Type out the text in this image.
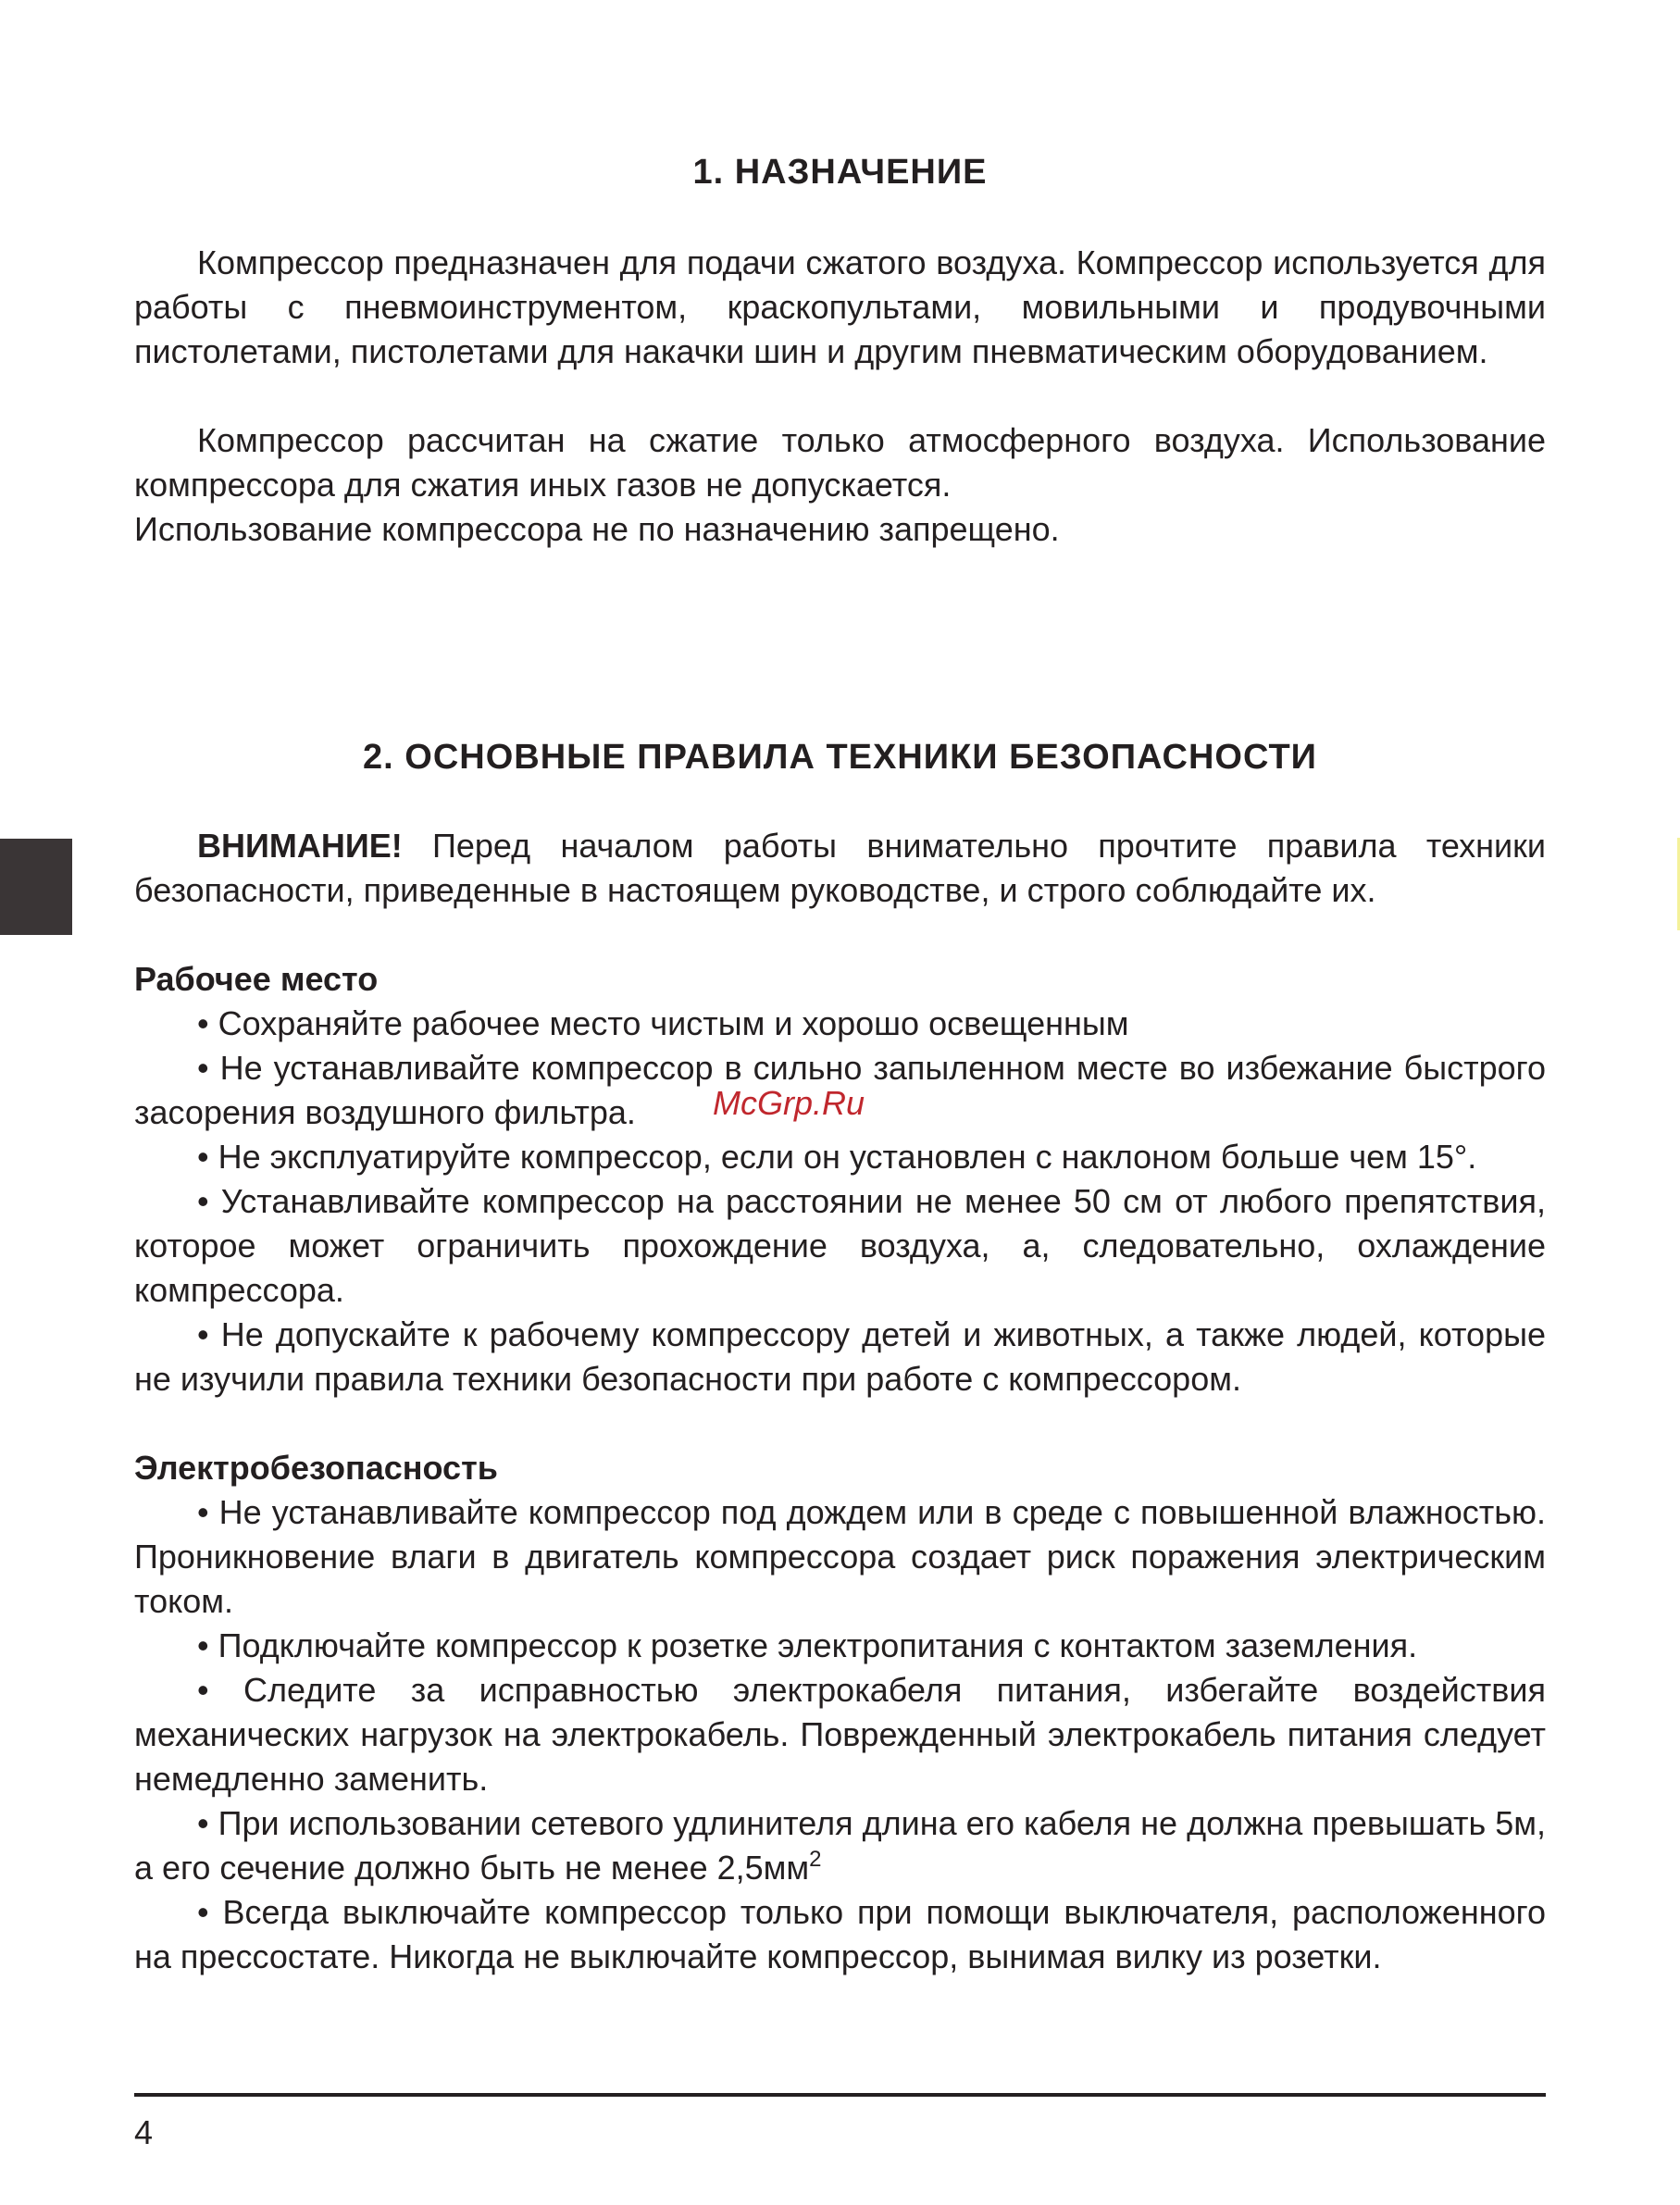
1. НАЗНАЧЕНИЕ

Компрессор предназначен для подачи сжатого воздуха. Компрессор используется для работы с пневмоинструментом, краскопультами, мовильными и продувочными пистолетами, пистолетами для накачки шин и другим пневматическим оборудованием.

Компрессор рассчитан на сжатие только атмосферного воздуха. Использование компрессора для сжатия иных газов не допускается.

Использование компрессора не по назначению запрещено.

2. ОСНОВНЫЕ ПРАВИЛА ТЕХНИКИ БЕЗОПАСНОСТИ

ВНИМАНИЕ! Перед началом работы внимательно прочтите правила техники безопасности, приведенные в настоящем руководстве, и строго соблюдайте их.

Рабочее место

• Сохраняйте рабочее место чистым и хорошо освещенным

• Не устанавливайте компрессор в сильно запыленном месте во избежание быстрого засорения воздушного фильтра.

• Не эксплуатируйте компрессор, если он установлен с наклоном больше чем 15°.

• Устанавливайте компрессор на расстоянии не менее 50 см от любого препятствия, которое может ограничить прохождение воздуха, а, следовательно, охлаждение компрессора.

• Не допускайте к рабочему компрессору детей и животных, а также людей, которые не изучили правила техники безопасности при работе с компрессором.

Электробезопасность

• Не устанавливайте компрессор под дождем или в среде с повышенной влажностью. Проникновение влаги в двигатель компрессора создает риск поражения электрическим током.

• Подключайте компрессор к розетке электропитания с контактом заземления.

• Следите за исправностью электрокабеля питания, избегайте воздействия механических нагрузок на электрокабель. Поврежденный электрокабель питания следует немедленно заменить.

• При использовании сетевого удлинителя длина его кабеля не должна превышать 5м, а его сечение должно быть не менее $2,5мм^2$

• Всегда выключайте компрессор только при помощи выключателя, расположенного на прессостате. Никогда не выключайте компрессор, вынимая вилку из розетки.

McGrp.Ru
4
